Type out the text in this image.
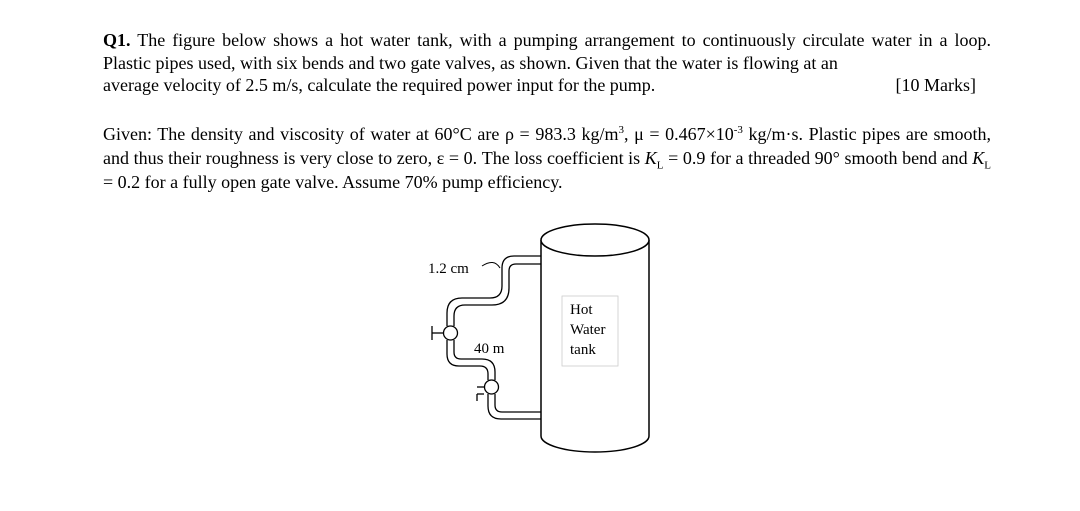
Q1. The figure below shows a hot water tank, with a pumping arrangement to continuously circulate water in a loop. Plastic pipes used, with six bends and two gate valves, as shown. Given that the water is flowing at an
average velocity of 2.5 m/s, calculate the required power input for the pump.	[10 Marks]
Given: The density and viscosity of water at 60°C are ρ = 983.3 $kg/m^3$, $\mu = 0.467\times 10^{-3}$ kg/m·s. Plastic pipes are smooth, and thus their roughness is very close to zero, ε = 0. The loss coefficient is $K_L = 0.9$ for a threaded 90° smooth bend and $K_L = 0.2$ for a fully open gate valve. Assume 70% pump efficiency.
Hot
Water
tank
1.2 cm
40 m
